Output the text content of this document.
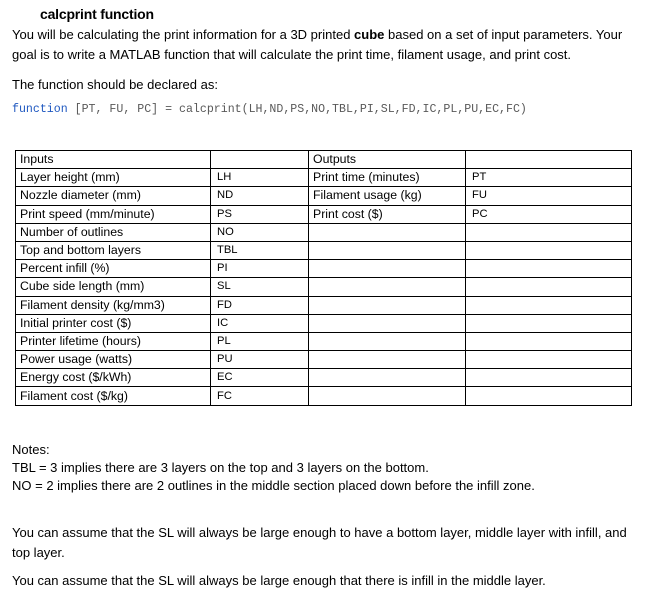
calcprint function
You will be calculating the print information for a 3D printed cube based on a set of input parameters. Your goal is to write a MATLAB function that will calculate the print time, filament usage, and print cost.
The function should be declared as:
function [PT, FU, PC] = calcprint(LH,ND,PS,NO,TBL,PI,SL,FD,IC,PL,PU,EC,FC)
Inputs		Outputs	
Layer height (mm)	LH	Print time (minutes)	PT
Nozzle diameter (mm)	ND	Filament usage (kg)	FU
Print speed (mm/minute)	PS	Print cost ($)	PC
Number of outlines	NO		
Top and bottom layers	TBL		
Percent infill (%)	PI		
Cube side length (mm)	SL		
Filament density (kg/mm3)	FD		
Initial printer cost ($)	IC		
Printer lifetime (hours)	PL		
Power usage (watts)	PU		
Energy cost ($/kWh)	EC		
Filament cost ($/kg)	FC		
Notes:
TBL = 3 implies there are 3 layers on the top and 3 layers on the bottom.
NO = 2 implies there are 2 outlines in the middle section placed down before the infill zone.
You can assume that the SL will always be large enough to have a bottom layer, middle layer with infill, and top layer.
You can assume that the SL will always be large enough that there is infill in the middle layer.
